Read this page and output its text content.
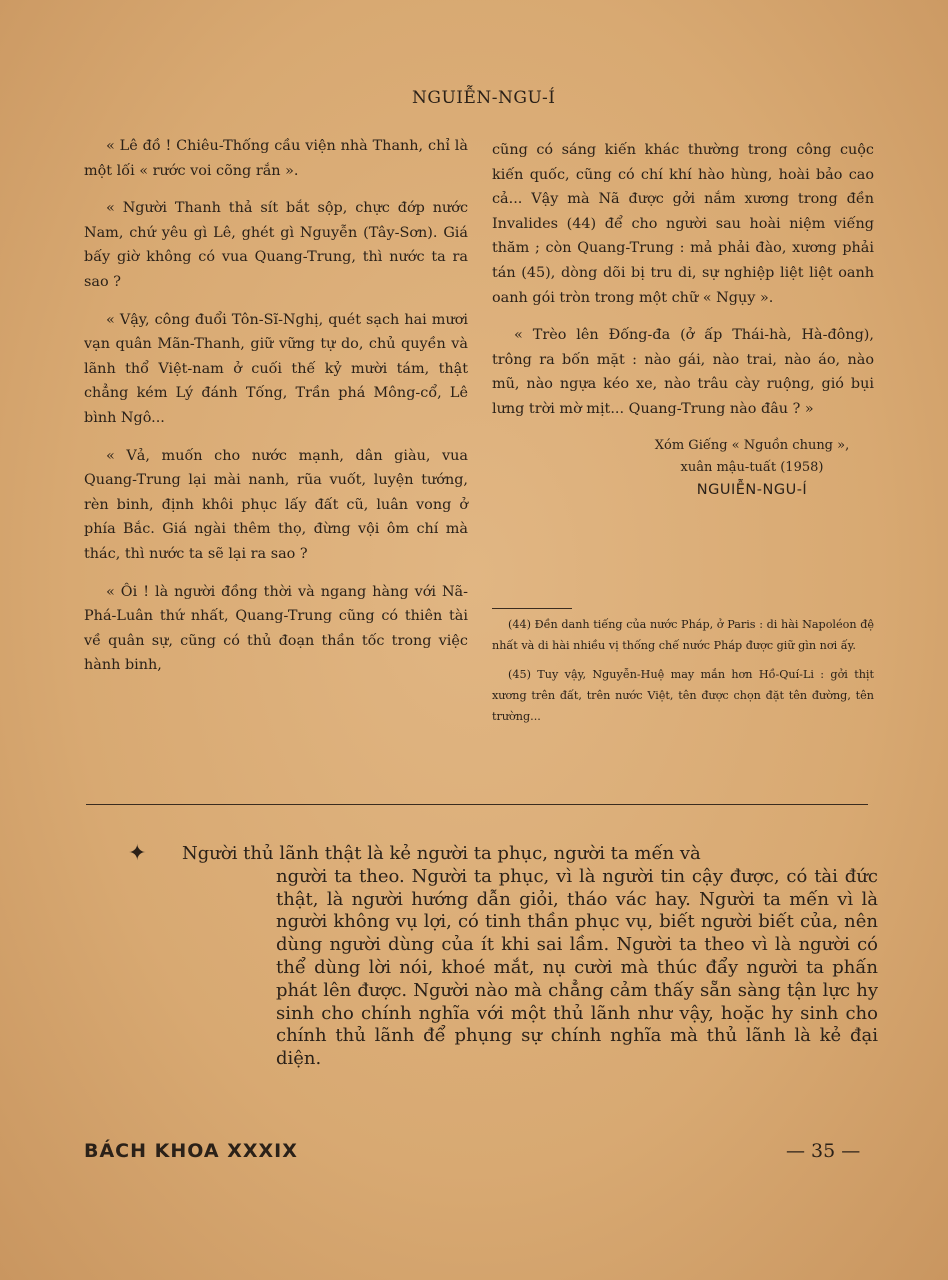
NGUIỄN-NGU-Í

« Lê đồ ! Chiêu-Thống cầu viện nhà Thanh, chỉ là một lối « rước voi cõng rắn ».

« Người Thanh thả sít bắt sộp, chực đớp nước Nam, chứ yêu gì Lê, ghét gì Nguyễn (Tây-Sơn). Giá bấy giờ không có vua Quang-Trung, thì nước ta ra sao ?

« Vậy, công đuổi Tôn-Sĩ-Nghị, quét sạch hai mươi vạn quân Mãn-Thanh, giữ vững tự do, chủ quyền và lãnh thổ Việt-nam ở cuối thế kỷ mười tám, thật chẳng kém Lý đánh Tống, Trần phá Mông-cổ, Lê bình Ngô...

« Vả, muốn cho nước mạnh, dân giàu, vua Quang-Trung lại mài nanh, rũa vuốt, luyện tướng, rèn binh, định khôi phục lấy đất cũ, luân vong ở phía Bắc. Giá ngài thêm thọ, đừng vội ôm chí mà thác, thì nước ta sẽ lại ra sao ?

« Ôi ! là người đồng thời và ngang hàng với Nã-Phá-Luân thứ nhất, Quang-Trung cũng có thiên tài về quân sự, cũng có thủ đoạn thần tốc trong việc hành binh,

cũng có sáng kiến khác thường trong công cuộc kiến quốc, cũng có chí khí hào hùng, hoài bảo cao cả... Vậy mà Nã được gởi nắm xương trong đền Invalides (44) để cho người sau hoài niệm viếng thăm ; còn Quang-Trung : mả phải đào, xương phải tán (45), dòng dõi bị tru di, sự nghiệp liệt liệt oanh oanh gói tròn trong một chữ « Ngụy ».

« Trèo lên Đống-đa (ở ấp Thái-hà, Hà-đông), trông ra bốn mặt : nào gái, nào trai, nào áo, nào mũ, nào ngựa kéo xe, nào trâu cày ruộng, gió bụi lưng trời mờ mịt... Quang-Trung nào đâu ? »

Xóm Giếng « Nguồn chung »,
xuân mậu-tuất (1958)
NGUIỄN-NGU-Í

(44) Đền danh tiếng của nước Pháp, ở Paris : di hài Napoléon đệ nhất và di hài nhiều vị thống chế nước Pháp được giữ gìn nơi ấy.

(45) Tuy vậy, Nguyễn-Huệ may mắn hơn Hồ-Quí-Li : gởi thịt xương trên đất, trên nước Việt, tên được chọn đặt tên đường, tên trường...

✦ Người thủ lãnh thật là kẻ người ta phục, người ta mến và
người ta theo. Người ta phục, vì là người tin cậy được, có tài đức thật, là người hướng dẫn giỏi, tháo vác hay. Người ta mến vì là người không vụ lợi, có tinh thần phục vụ, biết người biết của, nên dùng người dùng của ít khi sai lầm. Người ta theo vì là người có thể dùng lời nói, khoé mắt, nụ cười mà thúc đẩy người ta phấn phát lên được. Người nào mà chẳng cảm thấy sẵn sàng tận lực hy sinh cho chính nghĩa với một thủ lãnh như vậy, hoặc hy sinh cho chính thủ lãnh để phụng sự chính nghĩa mà thủ lãnh là kẻ đại diện.
BÁCH KHOA XXXIX	— 35 —
